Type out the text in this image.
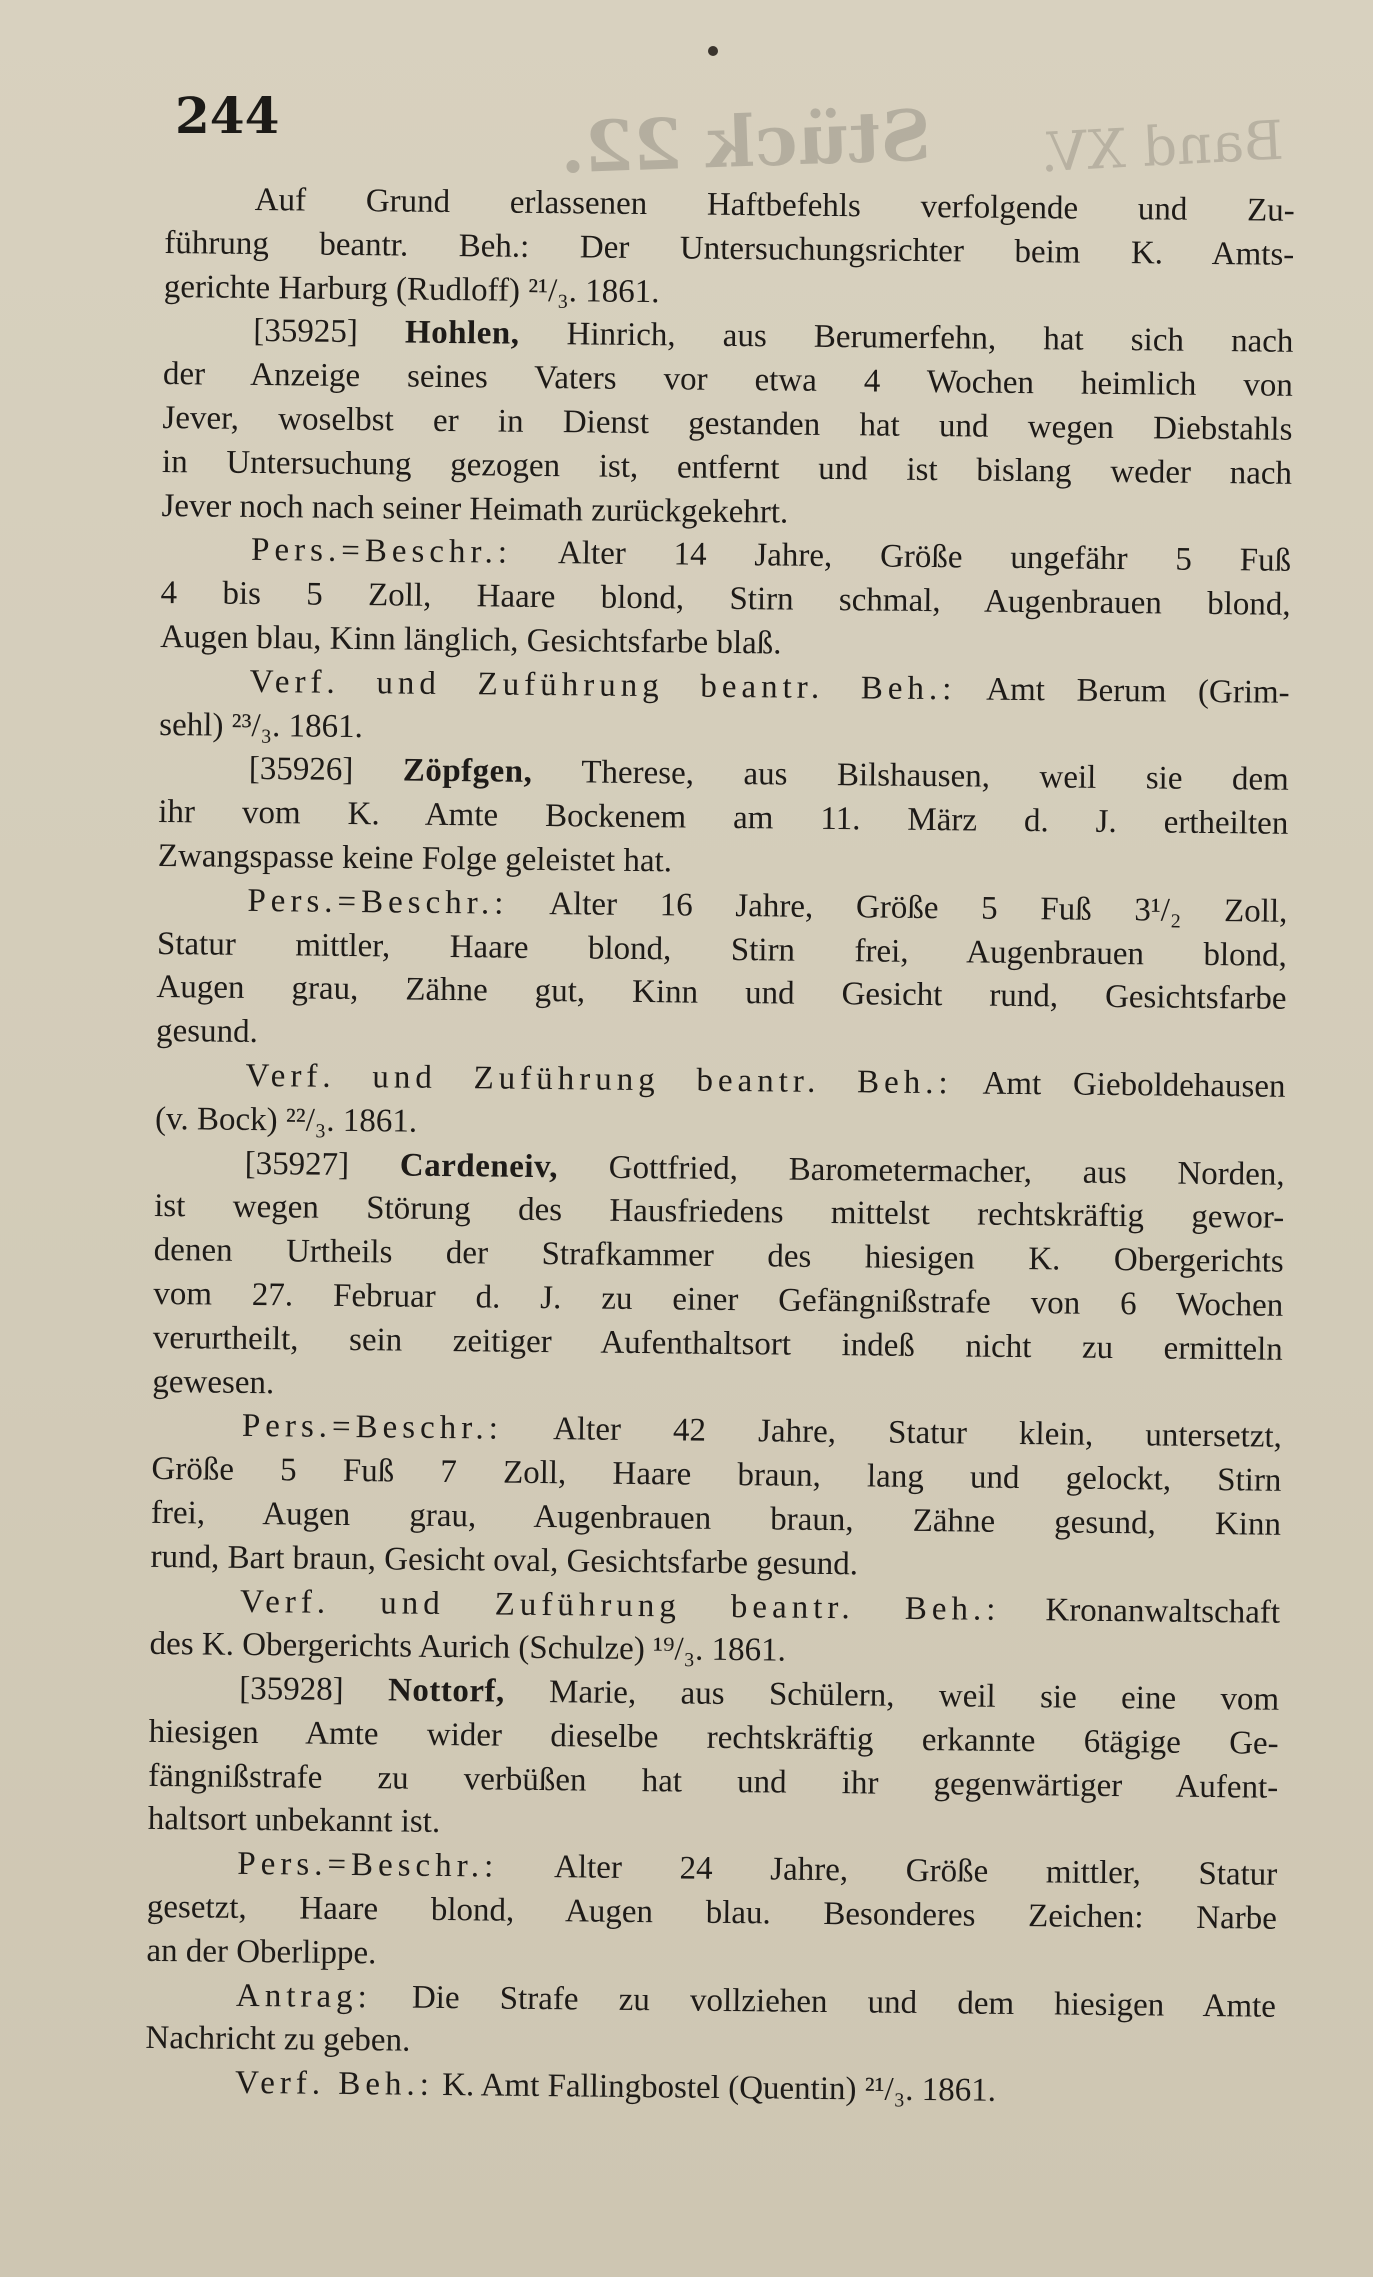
244	Stück 22. Band XV.

Auf Grund erlassenen Haftbefehls verfolgende und Zu-
führung beantr. Beh.: Der Untersuchungsrichter beim K. Amts-
gerichte Harburg (Rudloff) ²¹/₃. 1861.

[35925] Hohlen, Hinrich, aus Berumerfehn, hat sich nach
der Anzeige seines Vaters vor etwa 4 Wochen heimlich von
Jever, woselbst er in Dienst gestanden hat und wegen Diebstahls
in Untersuchung gezogen ist, entfernt und ist bislang weder nach
Jever noch nach seiner Heimath zurückgekehrt.
Pers.=Beschr.: Alter 14 Jahre, Größe ungefähr 5 Fuß
4 bis 5 Zoll, Haare blond, Stirn schmal, Augenbrauen blond,
Augen blau, Kinn länglich, Gesichtsfarbe blaß.
Verf. und Zuführung beantr. Beh.: Amt Berum (Grim-
sehl) ²³/₃. 1861.

[35926] Zöpfgen, Therese, aus Bilshausen, weil sie dem
ihr vom K. Amte Bockenem am 11. März d. J. ertheilten
Zwangspasse keine Folge geleistet hat.
Pers.=Beschr.: Alter 16 Jahre, Größe 5 Fuß 3¹/₂ Zoll,
Statur mittler, Haare blond, Stirn frei, Augenbrauen blond,
Augen grau, Zähne gut, Kinn und Gesicht rund, Gesichtsfarbe
gesund.
Verf. und Zuführung beantr. Beh.: Amt Gieboldehausen
(v. Bock) ²²/₃. 1861.

[35927] Cardeneiv, Gottfried, Barometermacher, aus Norden,
ist wegen Störung des Hausfriedens mittelst rechtskräftig gewor-
denen Urtheils der Strafkammer des hiesigen K. Obergerichts
vom 27. Februar d. J. zu einer Gefängnißstrafe von 6 Wochen
verurtheilt, sein zeitiger Aufenthaltsort indeß nicht zu ermitteln
gewesen.
Pers.=Beschr.: Alter 42 Jahre, Statur klein, untersetzt,
Größe 5 Fuß 7 Zoll, Haare braun, lang und gelockt, Stirn
frei, Augen grau, Augenbrauen braun, Zähne gesund, Kinn
rund, Bart braun, Gesicht oval, Gesichtsfarbe gesund.
Verf. und Zuführung beantr. Beh.: Kronanwaltschaft
des K. Obergerichts Aurich (Schulze) ¹⁹/₃. 1861.

[35928] Nottorf, Marie, aus Schülern, weil sie eine vom
hiesigen Amte wider dieselbe rechtskräftig erkannte 6tägige Ge-
fängnißstrafe zu verbüßen hat und ihr gegenwärtiger Aufent-
haltsort unbekannt ist.
Pers.=Beschr.: Alter 24 Jahre, Größe mittler, Statur
gesetzt, Haare blond, Augen blau. Besonderes Zeichen: Narbe
an der Oberlippe.
Antrag: Die Strafe zu vollziehen und dem hiesigen Amte
Nachricht zu geben.
Verf. Beh.: K. Amt Fallingbostel (Quentin) ²¹/₃. 1861.
